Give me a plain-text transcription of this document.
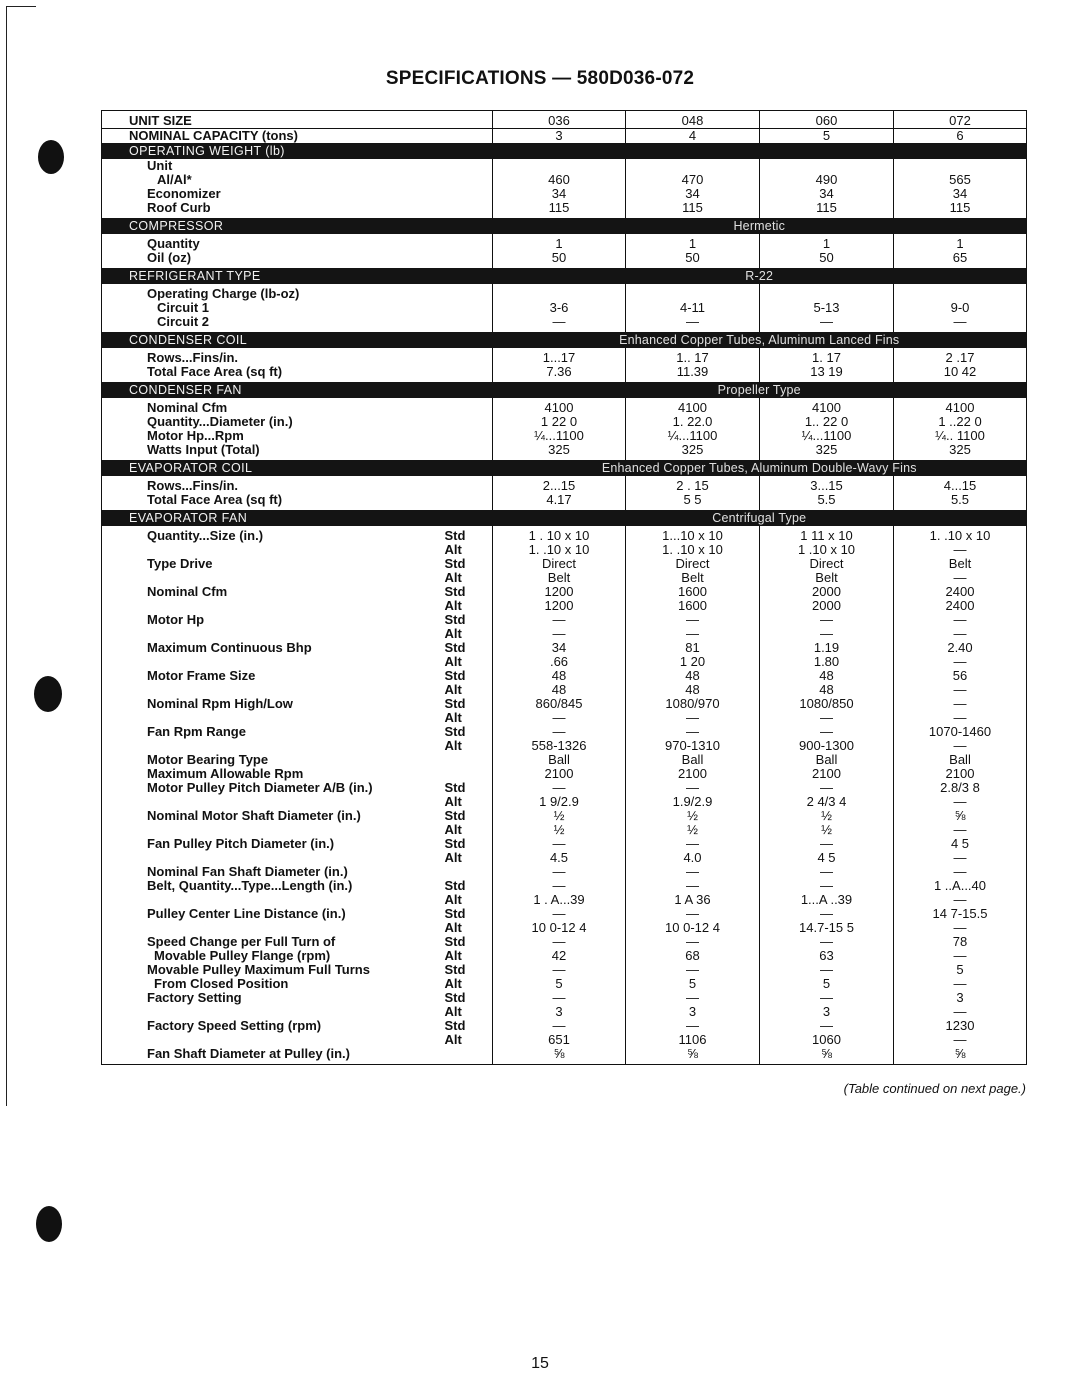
SPECIFICATIONS — 580D036-072
UNIT SIZE		036	048	060	072
NOMINAL CAPACITY (tons)		3	4	5	6
OPERATING WEIGHT (lb)					
Unit					
Al/Al*		460	470	490	565
Economizer		34	34	34	34
Roof Curb		115	115	115	115
COMPRESSOR		Hermetic			
Quantity		1	1	1	1
Oil (oz)		50	50	50	65
REFRIGERANT TYPE		R-22			
Operating Charge (lb-oz)					
Circuit 1		3-6	4-11	5-13	9-0
Circuit 2		—	—	—	—
CONDENSER COIL		Enhanced Copper Tubes, Aluminum Lanced Fins			
Rows...Fins/in.		1...17	1.. 17	1. 17	2 .17
Total Face Area (sq ft)		7.36	11.39	13 19	10 42
CONDENSER FAN		Propeller Type			
Nominal Cfm		4100	4100	4100	4100
Quantity...Diameter (in.)		1 22 0	1. 22.0	1.. 22 0	1 ..22 0
Motor Hp...Rpm		¼...1100	¼...1100	¼...1100	¼.. 1100
Watts Input (Total)		325	325	325	325
EVAPORATOR COIL		Enhanced Copper Tubes, Aluminum Double-Wavy Fins			
Rows...Fins/in.		2...15	2 . 15	3...15	4...15
Total Face Area (sq ft)		4.17	5 5	5.5	5.5
EVAPORATOR FAN		Centrifugal Type			
Quantity...Size (in.)	Std	1 . 10 x 10	1...10 x 10	1 11 x 10	1. .10 x 10
	Alt	1. .10 x 10	1. .10 x 10	1 .10 x 10	—
Type Drive	Std	Direct	Direct	Direct	Belt
	Alt	Belt	Belt	Belt	—
Nominal Cfm	Std	1200	1600	2000	2400
	Alt	1200	1600	2000	2400
Motor Hp	Std	—	—	—	—
	Alt	—	—	—	—
Maximum Continuous Bhp	Std	34	81	1.19	2.40
	Alt	.66	1 20	1.80	—
Motor Frame Size	Std	48	48	48	56
	Alt	48	48	48	—
Nominal Rpm High/Low	Std	860/845	1080/970	1080/850	—
	Alt	—	—	—	—
Fan Rpm Range	Std	—	—	—	1070-1460
	Alt	558-1326	970-1310	900-1300	—
Motor Bearing Type		Ball	Ball	Ball	Ball
Maximum Allowable Rpm		2100	2100	2100	2100
Motor Pulley Pitch Diameter A/B (in.)	Std	—	—	—	2.8/3 8
	Alt	1 9/2.9	1.9/2.9	2 4/3 4	—
Nominal Motor Shaft Diameter (in.)	Std	½	½	½	⅝
	Alt	½	½	½	—
Fan Pulley Pitch Diameter (in.)	Std	—	—	—	4 5
	Alt	4.5	4.0	4 5	—
Nominal Fan Shaft Diameter (in.)		—	—	—	—
Belt, Quantity...Type...Length (in.)	Std	—	—	—	1 ..A...40
	Alt	1 . A...39	1 A 36	1...A ..39	—
Pulley Center Line Distance (in.)	Std	—	—	—	14 7-15.5
	Alt	10 0-12 4	10 0-12 4	14.7-15 5	—
Speed Change per Full Turn of	Std	—	—	—	78
Movable Pulley Flange (rpm)	Alt	42	68	63	—
Movable Pulley Maximum Full Turns	Std	—	—	—	5
From Closed Position	Alt	5	5	5	—
Factory Setting	Std	—	—	—	3
	Alt	3	3	3	—
Factory Speed Setting (rpm)	Std	—	—	—	1230
	Alt	651	1106	1060	—
Fan Shaft Diameter at Pulley (in.)		⅝	⅝	⅝	⅝
(Table continued on next page.)
15
